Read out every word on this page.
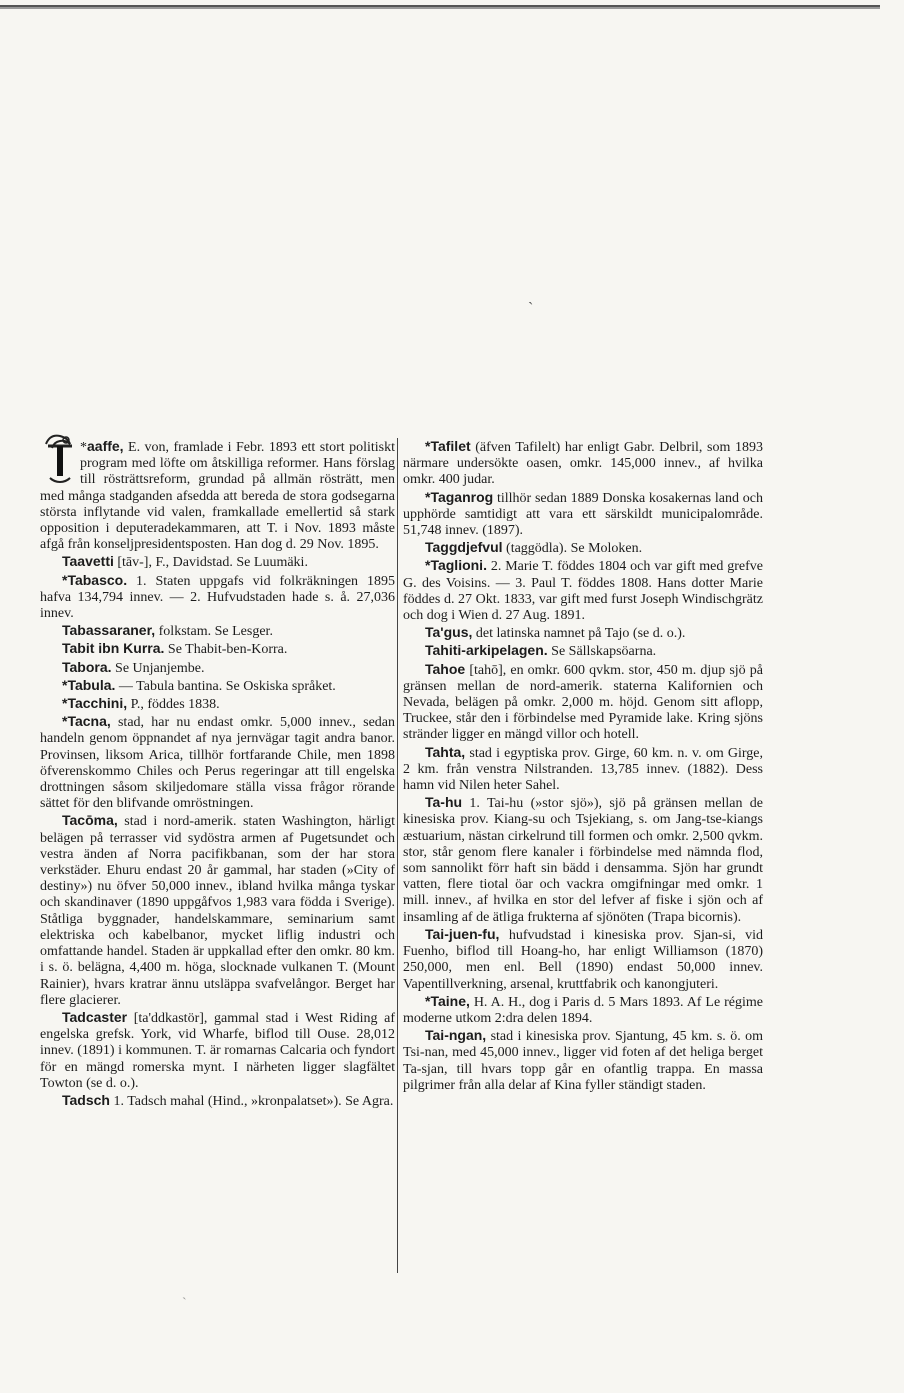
`

*aaffe, E. von, framlade i Febr. 1893 ett stort politiskt program med löfte om åtskilliga reformer. Hans förslag till rösträttsreform, grundad på allmän rösträtt, men med många stadganden afsedda att bereda de stora godsegarna största inflytande vid valen, framkallade emellertid så stark opposition i deputeradekammaren, att T. i Nov. 1893 måste afgå från konseljpresidentsposten. Han dog d. 29 Nov. 1895.

Taavetti [tāv-], F., Davidstad. Se Luumäki.

*Tabasco. 1. Staten uppgafs vid folkräkningen 1895 hafva 134,794 innev. — 2. Hufvudstaden hade s. å. 27,036 innev.

Tabassaraner, folkstam. Se Lesger.

Tabit ibn Kurra. Se Thabit-ben-Korra.

Tabora. Se Unjanjembe.

*Tabula. — Tabula bantina. Se Oskiska språket.

*Tacchini, P., föddes 1838.

*Tacna, stad, har nu endast omkr. 5,000 innev., sedan handeln genom öppnandet af nya jernvägar tagit andra banor. Provinsen, liksom Arica, tillhör fortfarande Chile, men 1898 öfverenskommo Chiles och Perus regeringar att till engelska drottningen såsom skiljedomare ställa vissa frågor rörande sättet för den blifvande omröstningen.

Tacōma, stad i nord-amerik. staten Washington, härligt belägen på terrasser vid sydöstra armen af Pugetsundet och vestra änden af Norra pacifikbanan, som der har stora verkstäder. Ehuru endast 20 år gammal, har staden (»City of destiny») nu öfver 50,000 innev., ibland hvilka många tyskar och skandinaver (1890 uppgåfvos 1,983 vara födda i Sverige). Ståtliga byggnader, handelskammare, seminarium samt elektriska och kabelbanor, mycket liflig industri och omfattande handel. Staden är uppkallad efter den omkr. 80 km. i s. ö. belägna, 4,400 m. höga, slocknade vulkanen T. (Mount Rainier), hvars kratrar ännu utsläppa svafvelångor. Berget har flere glacierer.

Tadcaster [ta'ddkastör], gammal stad i West Riding af engelska grefsk. York, vid Wharfe, biflod till Ouse. 28,012 innev. (1891) i kommunen. T. är romarnas Calcaria och fyndort för en mängd romerska mynt. I närheten ligger slagfältet Towton (se d. o.).

Tadsch 1. Tadsch mahal (Hind., »kronpalatset»). Se Agra.

*Tafilet (äfven Tafilelt) har enligt Gabr. Delbril, som 1893 närmare undersökte oasen, omkr. 145,000 innev., af hvilka omkr. 400 judar.

*Taganrog tillhör sedan 1889 Donska kosakernas land och upphörde samtidigt att vara ett särskildt municipalområde. 51,748 innev. (1897).

Taggdjefvul (taggödla). Se Moloken.

*Taglioni. 2. Marie T. föddes 1804 och var gift med grefve G. des Voisins. — 3. Paul T. föddes 1808. Hans dotter Marie föddes d. 27 Okt. 1833, var gift med furst Joseph Windischgrätz och dog i Wien d. 27 Aug. 1891.

Ta'gus, det latinska namnet på Tajo (se d. o.).

Tahiti-arkipelagen. Se Sällskapsöarna.

Tahoe [tahō], en omkr. 600 qvkm. stor, 450 m. djup sjö på gränsen mellan de nord-amerik. staterna Kalifornien och Nevada, belägen på omkr. 2,000 m. höjd. Genom sitt aflopp, Truckee, står den i förbindelse med Pyramide lake. Kring sjöns stränder ligger en mängd villor och hotell.

Tahta, stad i egyptiska prov. Girge, 60 km. n. v. om Girge, 2 km. från venstra Nilstranden. 13,785 innev. (1882). Dess hamn vid Nilen heter Sahel.

Ta-hu 1. Tai-hu (»stor sjö»), sjö på gränsen mellan de kinesiska prov. Kiang-su och Tsjekiang, s. om Jang-tse-kiangs æstuarium, nästan cirkelrund till formen och omkr. 2,500 qvkm. stor, står genom flere kanaler i förbindelse med nämnda flod, som sannolikt förr haft sin bädd i densamma. Sjön har grundt vatten, flere tiotal öar och vackra omgifningar med omkr. 1 mill. innev., af hvilka en stor del lefver af fiske i sjön och af insamling af de ätliga frukterna af sjönöten (Trapa bicornis).

Tai-juen-fu, hufvudstad i kinesiska prov. Sjan-si, vid Fuenho, biflod till Hoang-ho, har enligt Williamson (1870) 250,000, men enl. Bell (1890) endast 50,000 innev. Vapentillverkning, arsenal, kruttfabrik och kanongjuteri.

*Taine, H. A. H., dog i Paris d. 5 Mars 1893. Af Le régime moderne utkom 2:dra delen 1894.

Tai-ngan, stad i kinesiska prov. Sjantung, 45 km. s. ö. om Tsi-nan, med 45,000 innev., ligger vid foten af det heliga berget Ta-sjan, till hvars topp går en ofantlig trappa. En massa pilgrimer från alla delar af Kina fyller ständigt staden.

`
